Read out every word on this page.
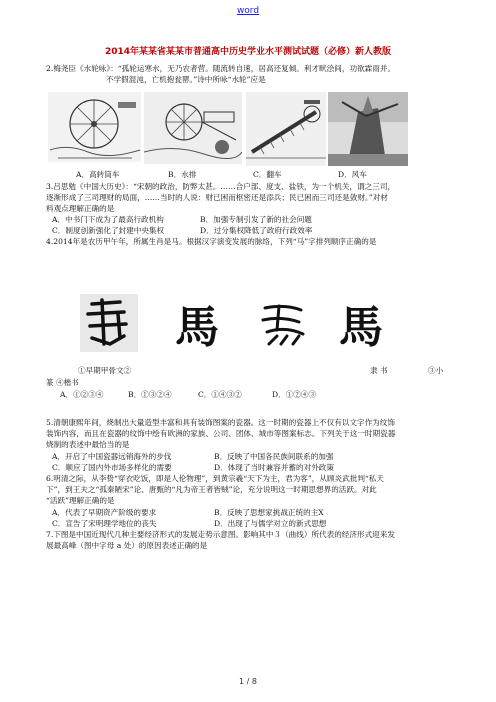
word
2014年某某省某某市普通高中历史学业水平测试试题（必修）新人教版
2.梅尧臣《水轮咏》：“孤轮运寒水，无乃农者营。随流转自速，居高还复倾。利才畎浍间，功欲霖雨并。
不学假混沌，亡机抱瓮罂。”诗中所咏“水轮”应是
A．高转筒车	B．水排	C．翻车	D．风车
3.吕思勉《中国大历史》：“宋朝的政治，防弊太甚。……合户部、度支、盐铁，为一个机关，谓之三司，
逐渐形成了三司理财的局面，……当时的人说：财已困而枢密还是添兵；民已困而三司还是敛财。”对材
料观点理解正确的是
A．中书门下成为了最高行政机构	B．加强专制引发了新的社会问题
C．制度创新强化了封建中央集权	D．过分集权降低了政府行政效率
4.2014年是农历甲午年，所属生肖是马。根据汉字演变发展的脉络，下列“马”字排列顺序正确的是
馬	馬
①早期甲骨文②	隶 书	③小
篆 ④楷书
A．①②③④	B．①③②④	C．①④③②	D．①②④③
5.清朝康熙年间，烧制出大量造型丰富和具有装饰图案的瓷器。这一时期的瓷器上不仅有以文字作为纹饰
装饰内容，而且在瓷器的纹饰中绘有欧洲的家族、公司、团体、城市等图案标志。下列关于这一时期瓷器
烧制的表述中最恰当的是
A．开启了中国瓷器远销海外的步伐	B．反映了中国各民族间联系的加强
C．顺应了国内外市场多样化的需要	D．体现了当时兼容并蓄的对外政策
6.明清之际，从李贽“穿衣吃饭，即是人伦物理”，到黄宗羲“天下为主，君为客”，从顾炎武批判“私天
下”，到王夫之“孤秦陋宋”论、唐甄的“凡为帝王者皆贼”论，充分说明这一时期思想界的活跃。对此
“活跃”理解正确的是
A．代表了早期资产阶级的要求	B．反映了思想家挑战正统的主X
C．宣告了宋明理学地位的丧失	D．出现了与儒学对立的新式思想
7.下图是中国近现代几种主要经济形式的发展走势示意图。影响其中３（曲线）所代表的经济形式迎来发
展最高峰（图中字母 a 处）的原因表述正确的是
1 / 8
